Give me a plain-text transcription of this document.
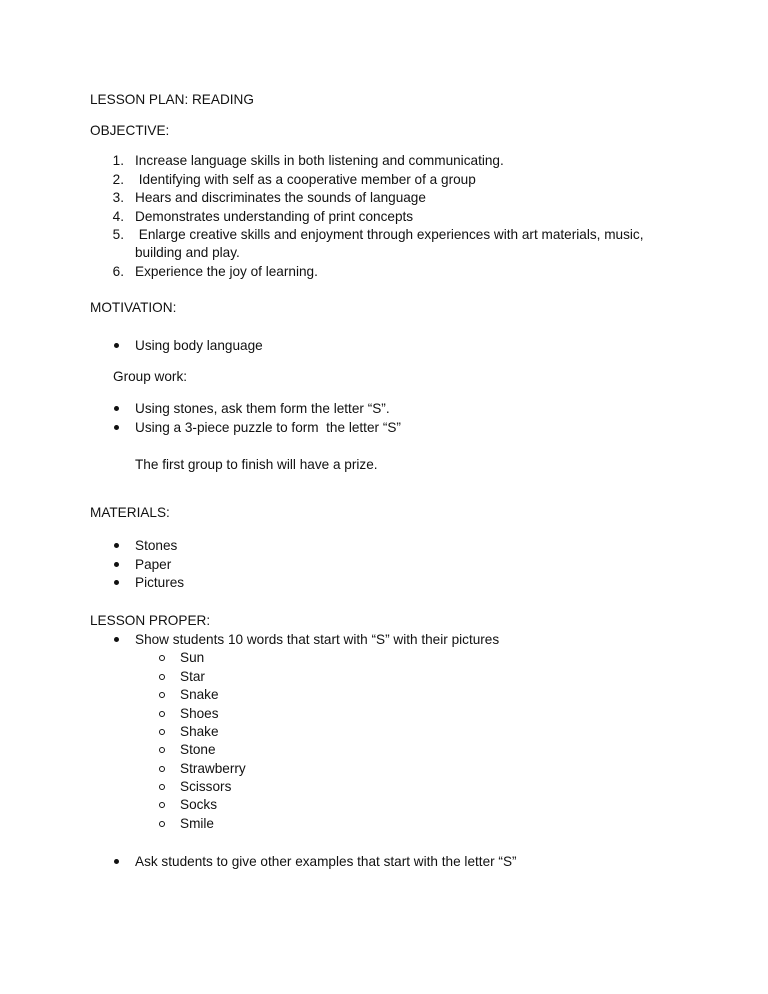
LESSON PLAN: READING
OBJECTIVE:
1. Increase language skills in both listening and communicating.
2. Identifying with self as a cooperative member of a group
3. Hears and discriminates the sounds of language
4. Demonstrates understanding of print concepts
5. Enlarge creative skills and enjoyment through experiences with art materials, music,
building and play.
6. Experience the joy of learning.
MOTIVATION:
Using body language
Group work:
Using stones, ask them form the letter “S”.
Using a 3-piece puzzle to form  the letter “S”
The first group to finish will have a prize.
MATERIALS:
Stones
Paper
Pictures
LESSON PROPER:
Show students 10 words that start with “S” with their pictures
Sun
Star
Snake
Shoes
Shake
Stone
Strawberry
Scissors
Socks
Smile
Ask students to give other examples that start with the letter “S”
